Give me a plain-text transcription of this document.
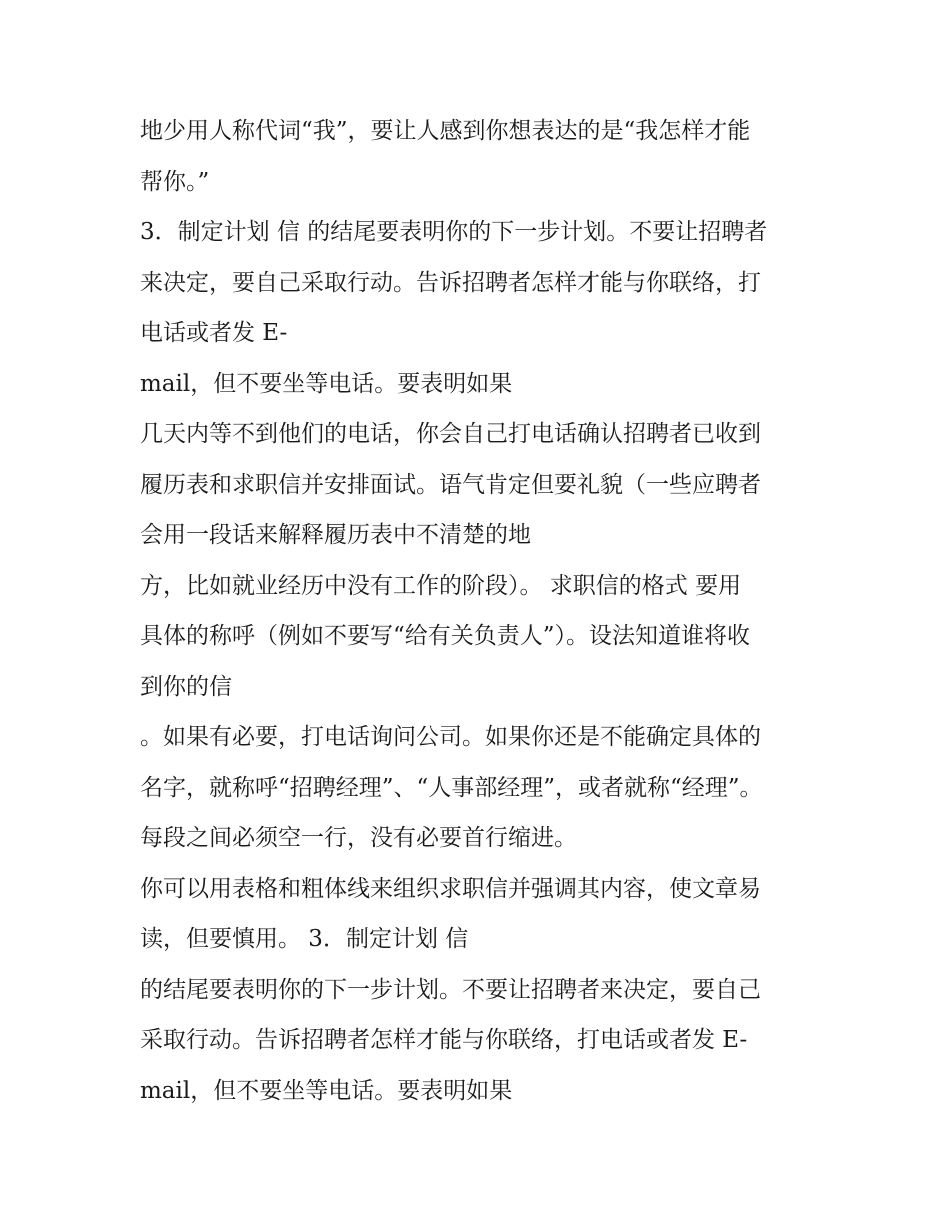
地少用人称代词“我”，要让人感到你想表达的是“我怎样才能
帮你。”
3．制定计划 信 的结尾要表明你的下一步计划。不要让招聘者
来决定，要自己采取行动。告诉招聘者怎样才能与你联络，打
电话或者发 E-
mail，但不要坐等电话。要表明如果
几天内等不到他们的电话，你会自己打电话确认招聘者已收到
履历表和求职信并安排面试。语气肯定但要礼貌（一些应聘者
会用一段话来解释履历表中不清楚的地
方，比如就业经历中没有工作的阶段）。 求职信的格式 要用
具体的称呼（例如不要写“给有关负责人”）。设法知道谁将收
到你的信
。如果有必要，打电话询问公司。如果你还是不能确定具体的
名字，就称呼“招聘经理”、“人事部经理”，或者就称“经理”。
每段之间必须空一行，没有必要首行缩进。
你可以用表格和粗体线来组织求职信并强调其内容，使文章易
读，但要慎用。 3．制定计划 信
的结尾要表明你的下一步计划。不要让招聘者来决定，要自己
采取行动。告诉招聘者怎样才能与你联络，打电话或者发 E-
mail，但不要坐等电话。要表明如果
